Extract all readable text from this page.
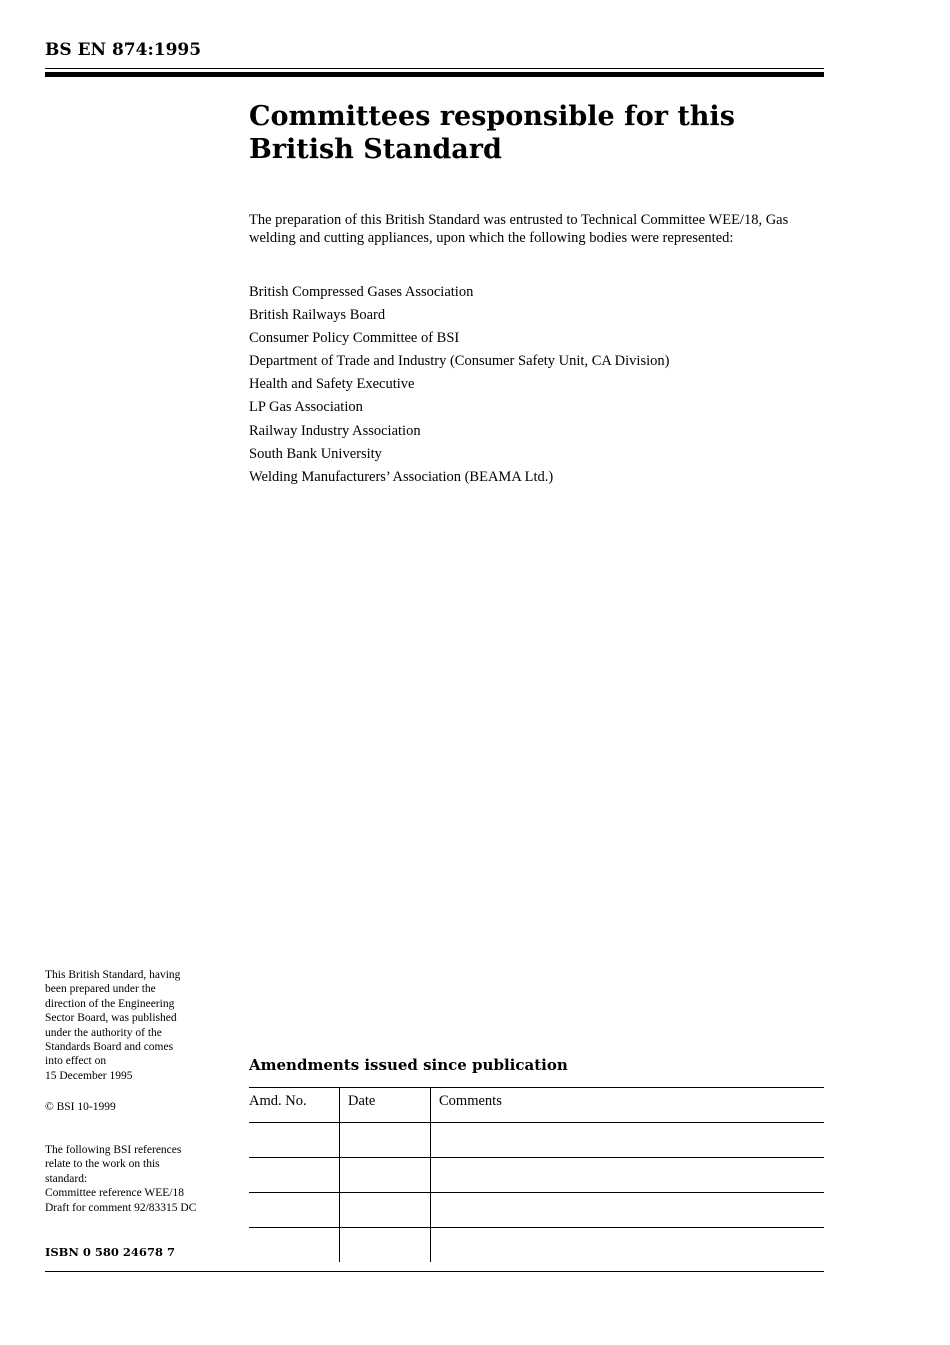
BS EN 874:1995
Committees responsible for this British Standard

The preparation of this British Standard was entrusted to Technical Committee WEE/18, Gas welding and cutting appliances, upon which the following bodies were represented:

British Compressed Gases Association
British Railways Board
Consumer Policy Committee of BSI
Department of Trade and Industry (Consumer Safety Unit, CA Division)
Health and Safety Executive
LP Gas Association
Railway Industry Association
South Bank University
Welding Manufacturers’ Association (BEAMA Ltd.)
This British Standard, having
been prepared under the
direction of the Engineering
Sector Board, was published
under the authority of the
Standards Board and comes
into effect on
15 December 1995
© BSI 10-1999
The following BSI references
relate to the work on this
standard:
Committee reference WEE/18
Draft for comment 92/83315 DC
ISBN 0 580 24678 7
Amendments issued since publication
Amd. No.	Date	Comments
